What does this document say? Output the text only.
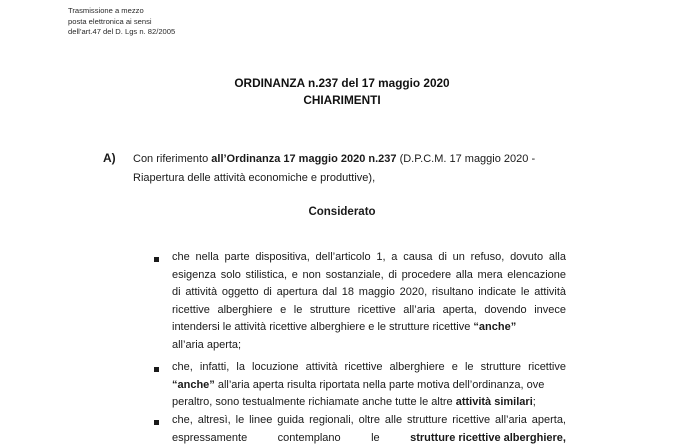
Trasmissione a mezzo
posta elettronica ai sensi
dell’art.47 del D. Lgs n. 82/2005
ORDINANZA n.237 del 17 maggio 2020
CHIARIMENTI
A) Con riferimento all’Ordinanza 17 maggio 2020 n.237 (D.P.C.M. 17 maggio 2020 -
Riapertura delle attività economiche e produttive),
Considerato
che nella parte dispositiva, dell’articolo 1, a causa di un refuso, dovuto alla
esigenza solo stilistica, e non sostanziale, di procedere alla mera elencazione
di attività oggetto di apertura dal 18 maggio 2020, risultano indicate le attività
ricettive alberghiere e le strutture ricettive all’aria aperta, dovendo invece
intendersi le attività ricettive alberghiere e le strutture ricettive “anche”
all’aria aperta;
che, infatti, la locuzione attività ricettive alberghiere e le strutture ricettive
“anche” all’aria aperta risulta riportata nella parte motiva dell’ordinanza, ove
peraltro, sono testualmente richiamate anche tutte le altre attività similari;
che, altresì, le linee guida regionali, oltre alle strutture ricettive all’aria aperta,
espressamente	contemplano	le	strutture ricettive alberghiere,
